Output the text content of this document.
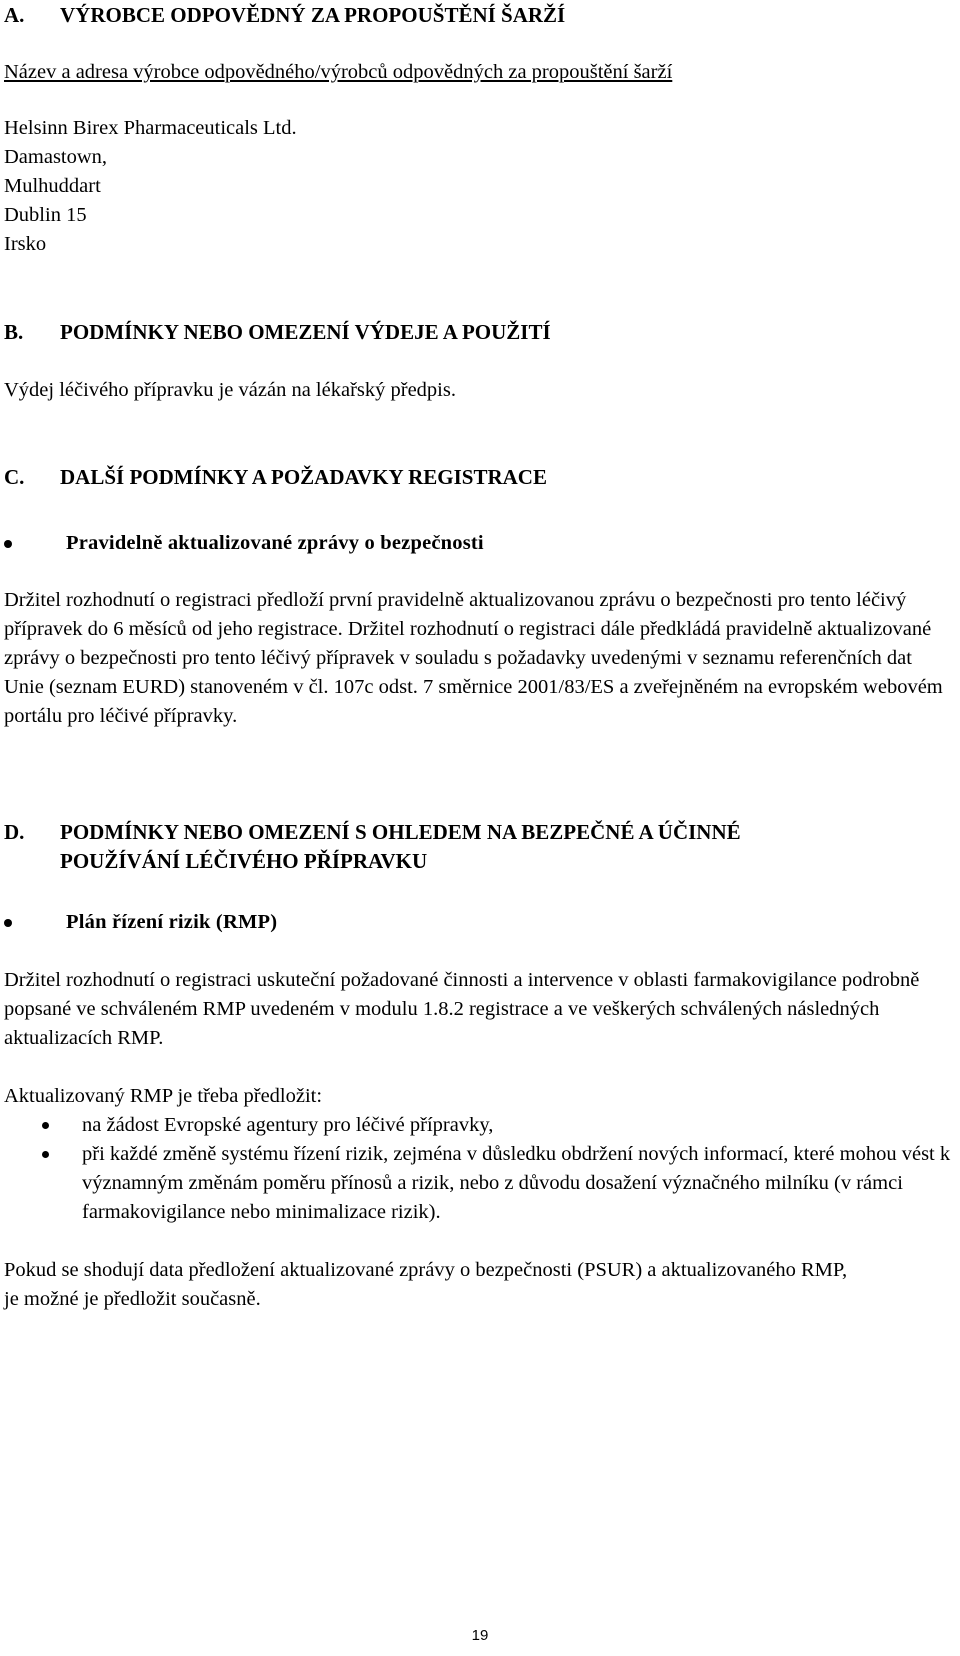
A. VÝROBCE ODPOVĚDNÝ ZA PROPOUŠTĚNÍ ŠARŽÍ

Název a adresa výrobce odpovědného/výrobců odpovědných za propouštění šarží

Helsinn Birex Pharmaceuticals Ltd.

Damastown,

Mulhuddart

Dublin 15

Irsko

B. PODMÍNKY NEBO OMEZENÍ VÝDEJE A POUŽITÍ

Výdej léčivého přípravku je vázán na lékařský předpis.

C. DALŠÍ PODMÍNKY A POŽADAVKY REGISTRACE
Pravidelně aktualizované zprávy o bezpečnosti

Držitel rozhodnutí o registraci předloží první pravidelně aktualizovanou zprávu o bezpečnosti pro tento léčivý přípravek do 6 měsíců od jeho registrace. Držitel rozhodnutí o registraci dále předkládá pravidelně aktualizované zprávy o bezpečnosti pro tento léčivý přípravek v souladu s požadavky uvedenými v seznamu referenčních dat Unie (seznam EURD) stanoveném v čl. 107c odst. 7 směrnice 2001/83/ES a zveřejněném na evropském webovém portálu pro léčivé přípravky.

D. PODMÍNKY NEBO OMEZENÍ S OHLEDEM NA BEZPEČNÉ A ÚČINNÉ
POUŽÍVÁNÍ LÉČIVÉHO PŘÍPRAVKU
Plán řízení rizik (RMP)

Držitel rozhodnutí o registraci uskuteční požadované činnosti a intervence v oblasti farmakovigilance podrobně popsané ve schváleném RMP uvedeném v modulu 1.8.2 registrace a ve veškerých schválených následných aktualizacích RMP.

Aktualizovaný RMP je třeba předložit:

na žádost Evropské agentury pro léčivé přípravky,
při každé změně systému řízení rizik, zejména v důsledku obdržení nových informací, které mohou vést k významným změnám poměru přínosů a rizik, nebo z důvodu dosažení význačného milníku (v rámci farmakovigilance nebo minimalizace rizik).

Pokud se shodují data předložení aktualizované zprávy o bezpečnosti (PSUR) a aktualizovaného RMP, je možné je předložit současně.

19
